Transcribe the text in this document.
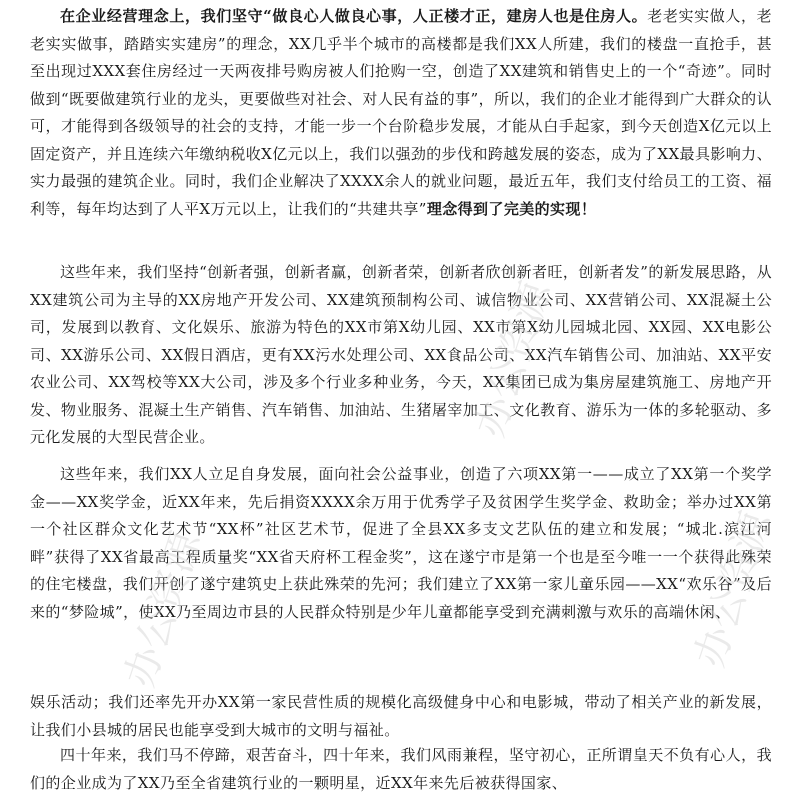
在企业经营理念上，我们坚守“做良心人做良心事，人正楼才正，建房人也是住房人。老老实实做人，老老实实做事，踏踏实实建房”的理念，XX几乎半个城市的高楼都是我们XX人所建，我们的楼盘一直抢手，甚至出现过XXX套住房经过一天两夜排号购房被人们抢购一空，创造了XX建筑和销售史上的一个“奇迹”。同时做到“既要做建筑行业的龙头，更要做些对社会、对人民有益的事”，所以，我们的企业才能得到广大群众的认可，才能得到各级领导的社会的支持，才能一步一个台阶稳步发展，才能从白手起家，到今天创造X亿元以上固定资产，并且连续六年缴纳税收X亿元以上，我们以强劲的步伐和跨越发展的姿态，成为了XX最具影响力、实力最强的建筑企业。同时，我们企业解决了XXXX余人的就业问题，最近五年，我们支付给员工的工资、福利等，每年均达到了人平X万元以上，让我们的“共建共享”理念得到了完美的实现！

这些年来，我们坚持“创新者强，创新者赢，创新者荣，创新者欣创新者旺，创新者发”的新发展思路，从XX建筑公司为主导的XX房地产开发公司、XX建筑预制构公司、诚信物业公司、XX营销公司、XX混凝土公司，发展到以教育、文化娱乐、旅游为特色的XX市第X幼儿园、XX市第X幼儿园城北园、XX园、XX电影公司、XX游乐公司、XX假日酒店，更有XX污水处理公司、XX食品公司、XX汽车销售公司、加油站、XX平安农业公司、XX驾校等XX大公司，涉及多个行业多种业务，今天，XX集团已成为集房屋建筑施工、房地产开发、物业服务、混凝土生产销售、汽车销售、加油站、生猪屠宰加工、文化教育、游乐为一体的多轮驱动、多元化发展的大型民营企业。

这些年来，我们XX人立足自身发展，面向社会公益事业，创造了六项XX第一——成立了XX第一个奖学金——XX奖学金，近XX年来，先后捐资XXXX余万用于优秀学子及贫困学生奖学金、救助金；举办过XX第一个社区群众文化艺术节“XX杯”社区艺术节，促进了全县XX多支文艺队伍的建立和发展；“城北.滨江河畔”获得了XX省最高工程质量奖“XX省天府杯工程金奖”，这在遂宁市是第一个也是至今唯一一个获得此殊荣的住宅楼盘，我们开创了遂宁建筑史上获此殊荣的先河；我们建立了XX第一家儿童乐园——XX“欢乐谷”及后来的“梦险城”，使XX乃至周边市县的人民群众特别是少年儿童都能享受到充满刺激与欢乐的高端休闲、

娱乐活动；我们还率先开办XX第一家民营性质的规模化高级健身中心和电影城，带动了相关产业的新发展，让我们小县城的居民也能享受到大城市的文明与福祉。

四十年来，我们马不停蹄，艰苦奋斗，四十年来，我们风雨兼程，坚守初心，正所谓皇天不负有心人，我们的企业成为了XX乃至全省建筑行业的一颗明星，近XX年来先后被获得国家、

办公资源
办公资源
办公资源
